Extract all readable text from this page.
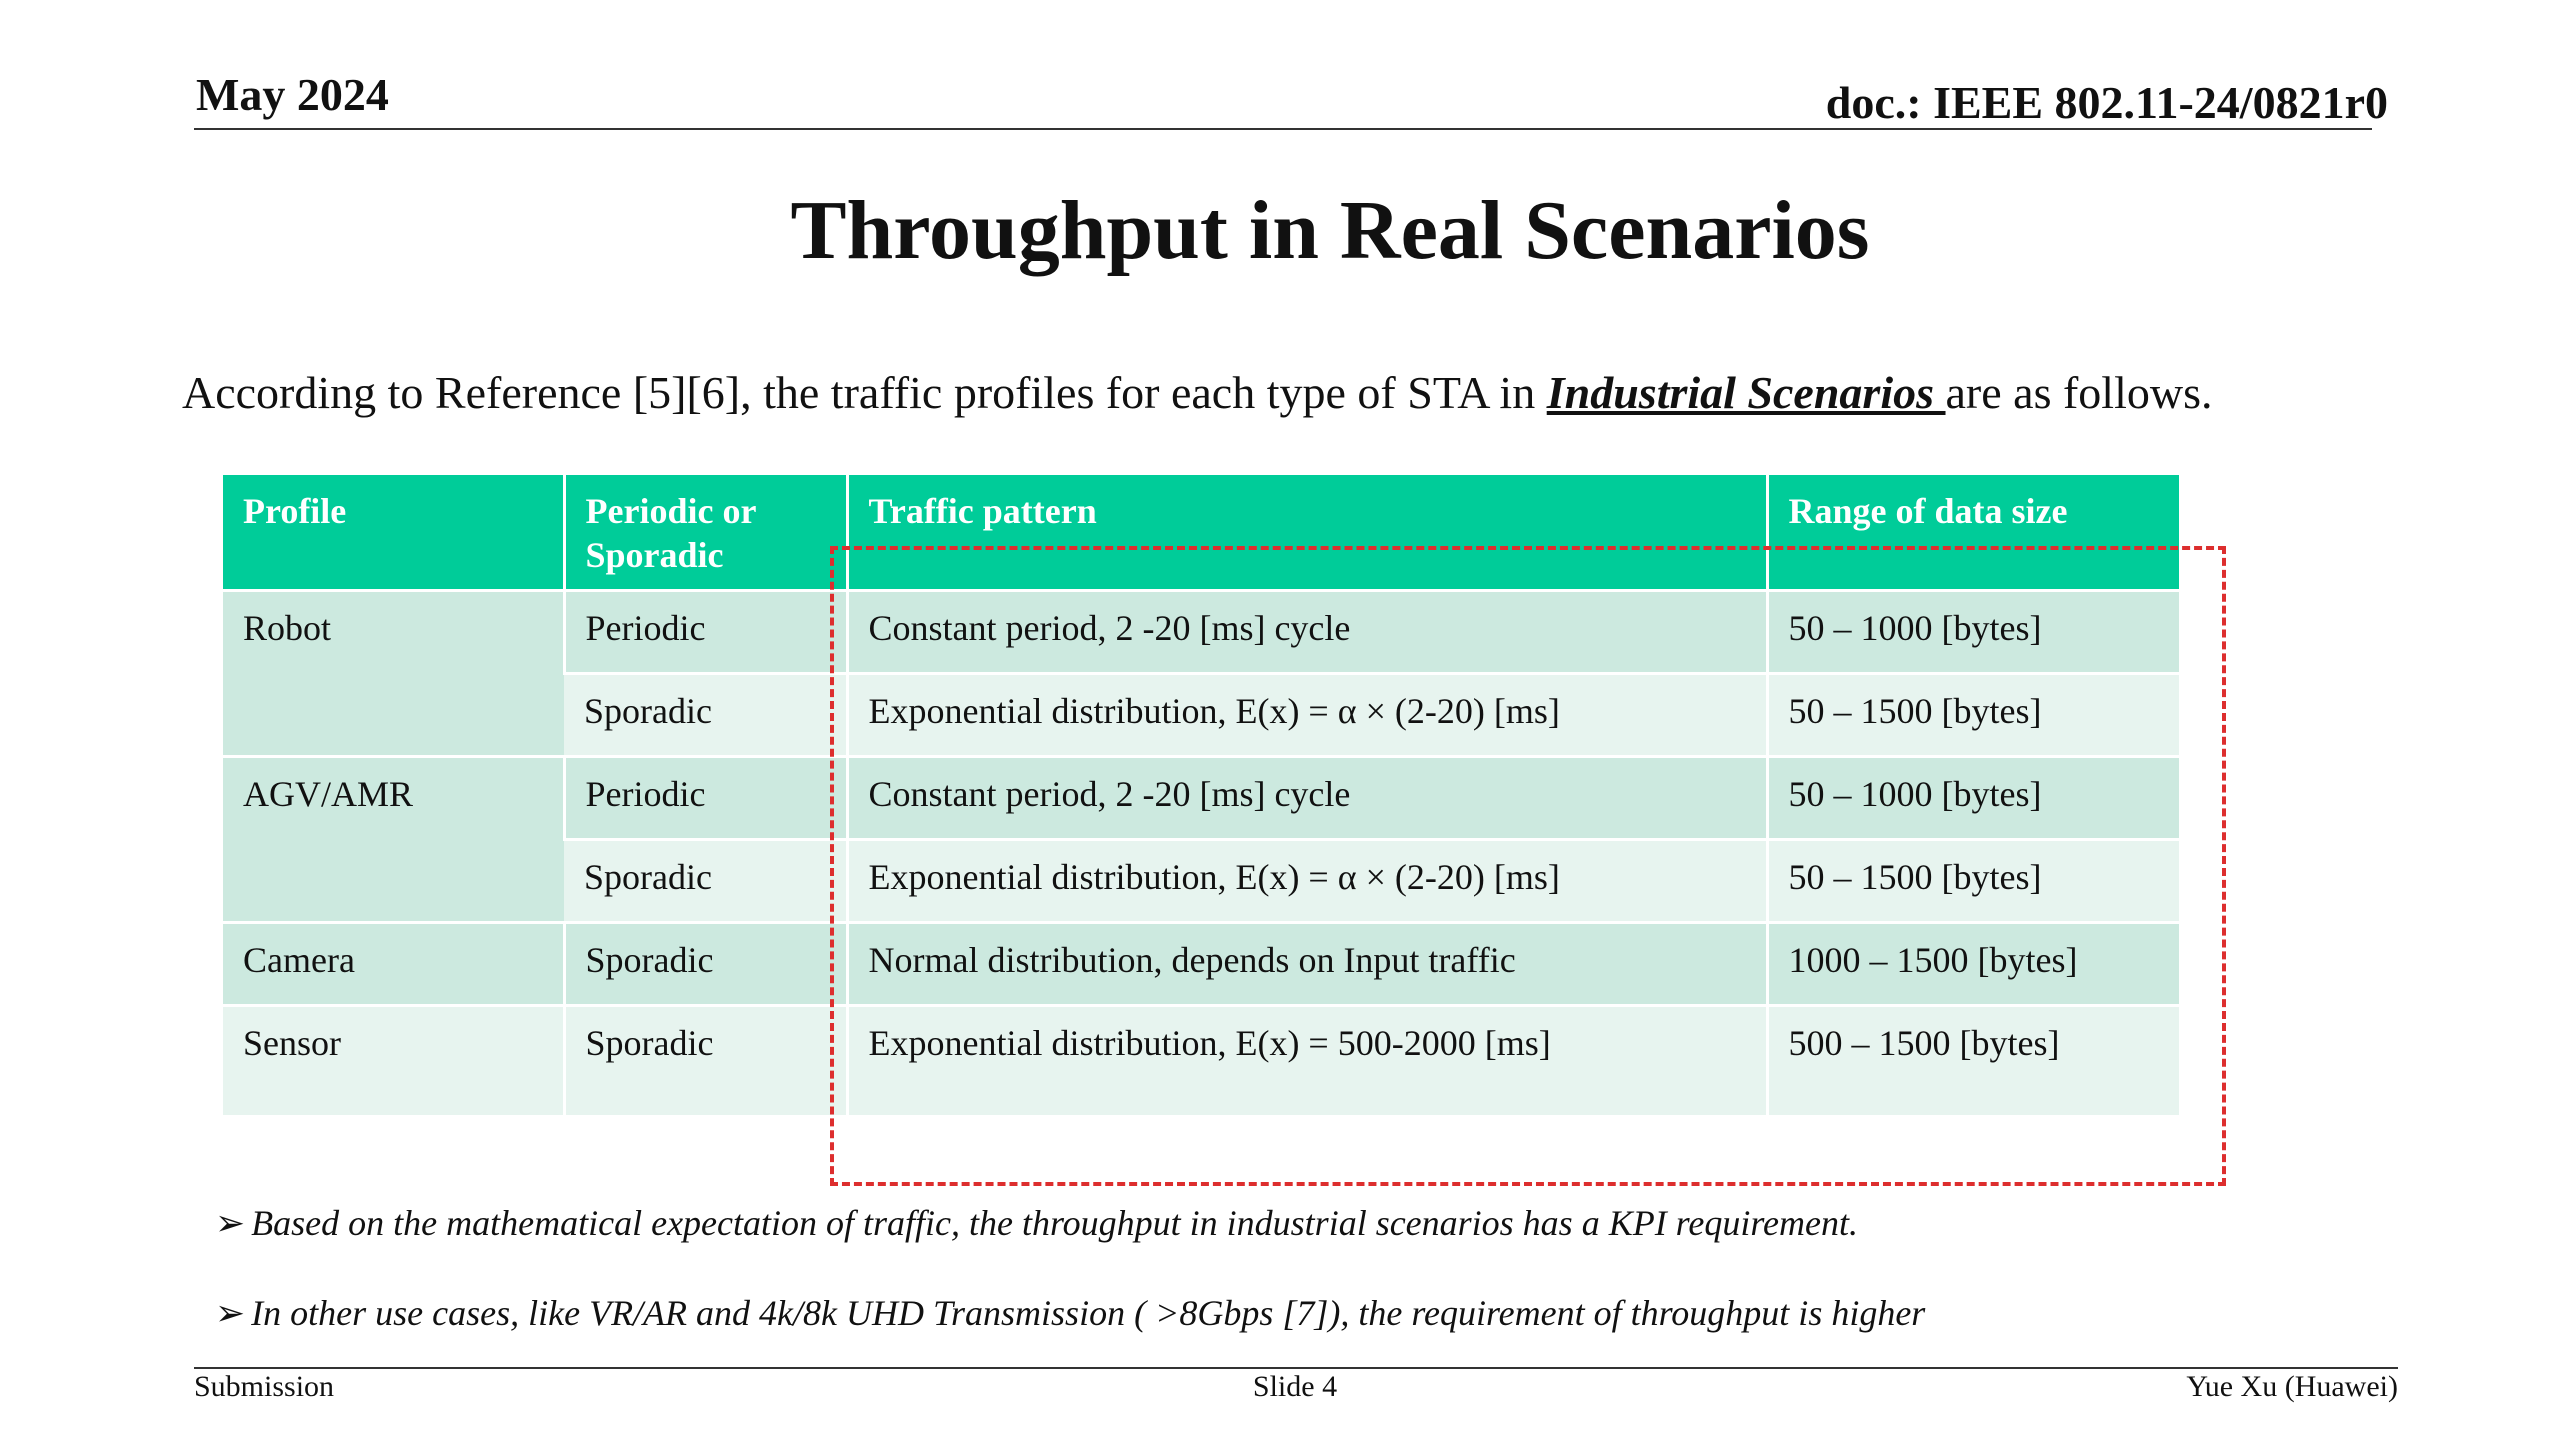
May 2024	doc.: IEEE 802.11-24/0821r0
Throughput in Real Scenarios
According to Reference [5][6], the traffic profiles for each type of STA in Industrial Scenarios are as follows.
Profile	Periodic or Sporadic	Traffic pattern	Range of data size
Robot	Periodic	Constant period, 2 -20 [ms] cycle	50 – 1000 [bytes]
	Sporadic	Exponential distribution, E(x) = α × (2-20) [ms]	50 – 1500 [bytes]
AGV/AMR	Periodic	Constant period, 2 -20 [ms] cycle	50 – 1000 [bytes]
	Sporadic	Exponential distribution, E(x) = α × (2-20) [ms]	50 – 1500 [bytes]
Camera	Sporadic	Normal distribution, depends on Input traffic	1000 – 1500 [bytes]
Sensor	Sporadic	Exponential distribution, E(x) = 500-2000 [ms]	500 – 1500 [bytes]
➢ Based on the mathematical expectation of traffic, the throughput in industrial scenarios has a KPI requirement.
➢ In other use cases, like VR/AR and 4k/8k UHD Transmission ( >8Gbps [7]), the requirement of throughput is higher
Submission	Slide 4	Yue Xu (Huawei)
